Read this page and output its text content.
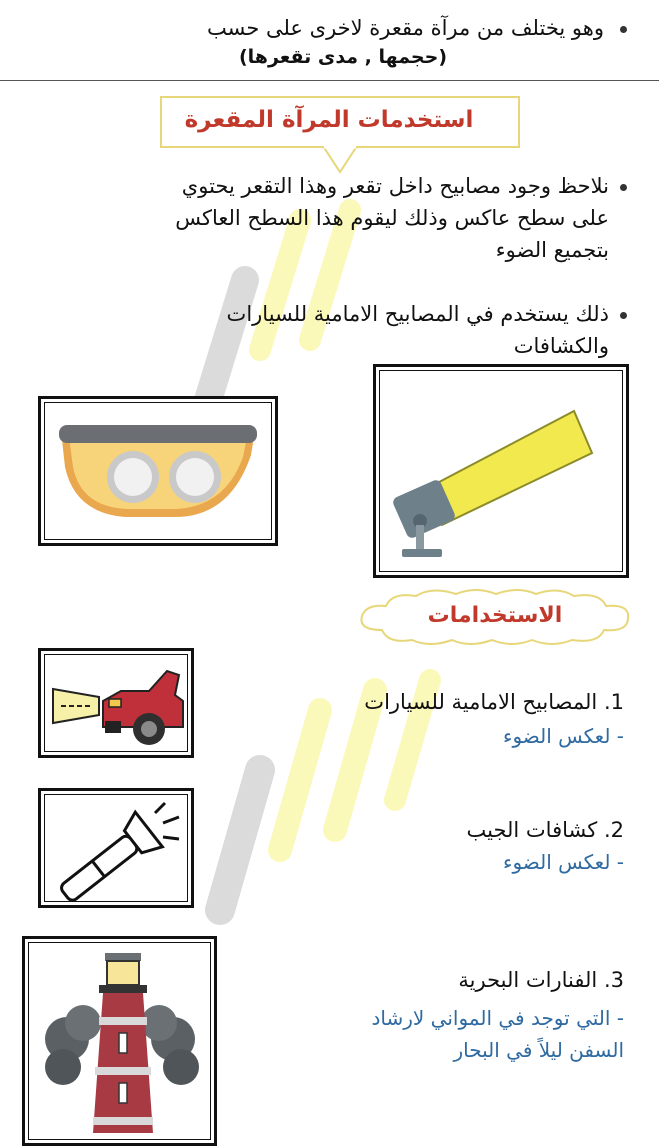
وهو يختلف من مرآة مقعرة لاخرى على حسب
(حجمها , مدى تقعرها)
استخدمات المرآة المقعرة
نلاحظ وجود مصابيح داخل تقعر وهذا التقعر يحتوي
على سطح عاكس وذلك ليقوم هذا السطح العاكس
بتجميع الضوء
ذلك يستخدم في المصابيح الامامية للسيارات
والكشافات
الاستخدامات
1. المصابيح الامامية للسيارات
- لعكس الضوء
2. كشافات الجيب
- لعكس الضوء
3. الفنارات البحرية
- التي توجد في المواني لارشاد
السفن ليلاً في البحار
